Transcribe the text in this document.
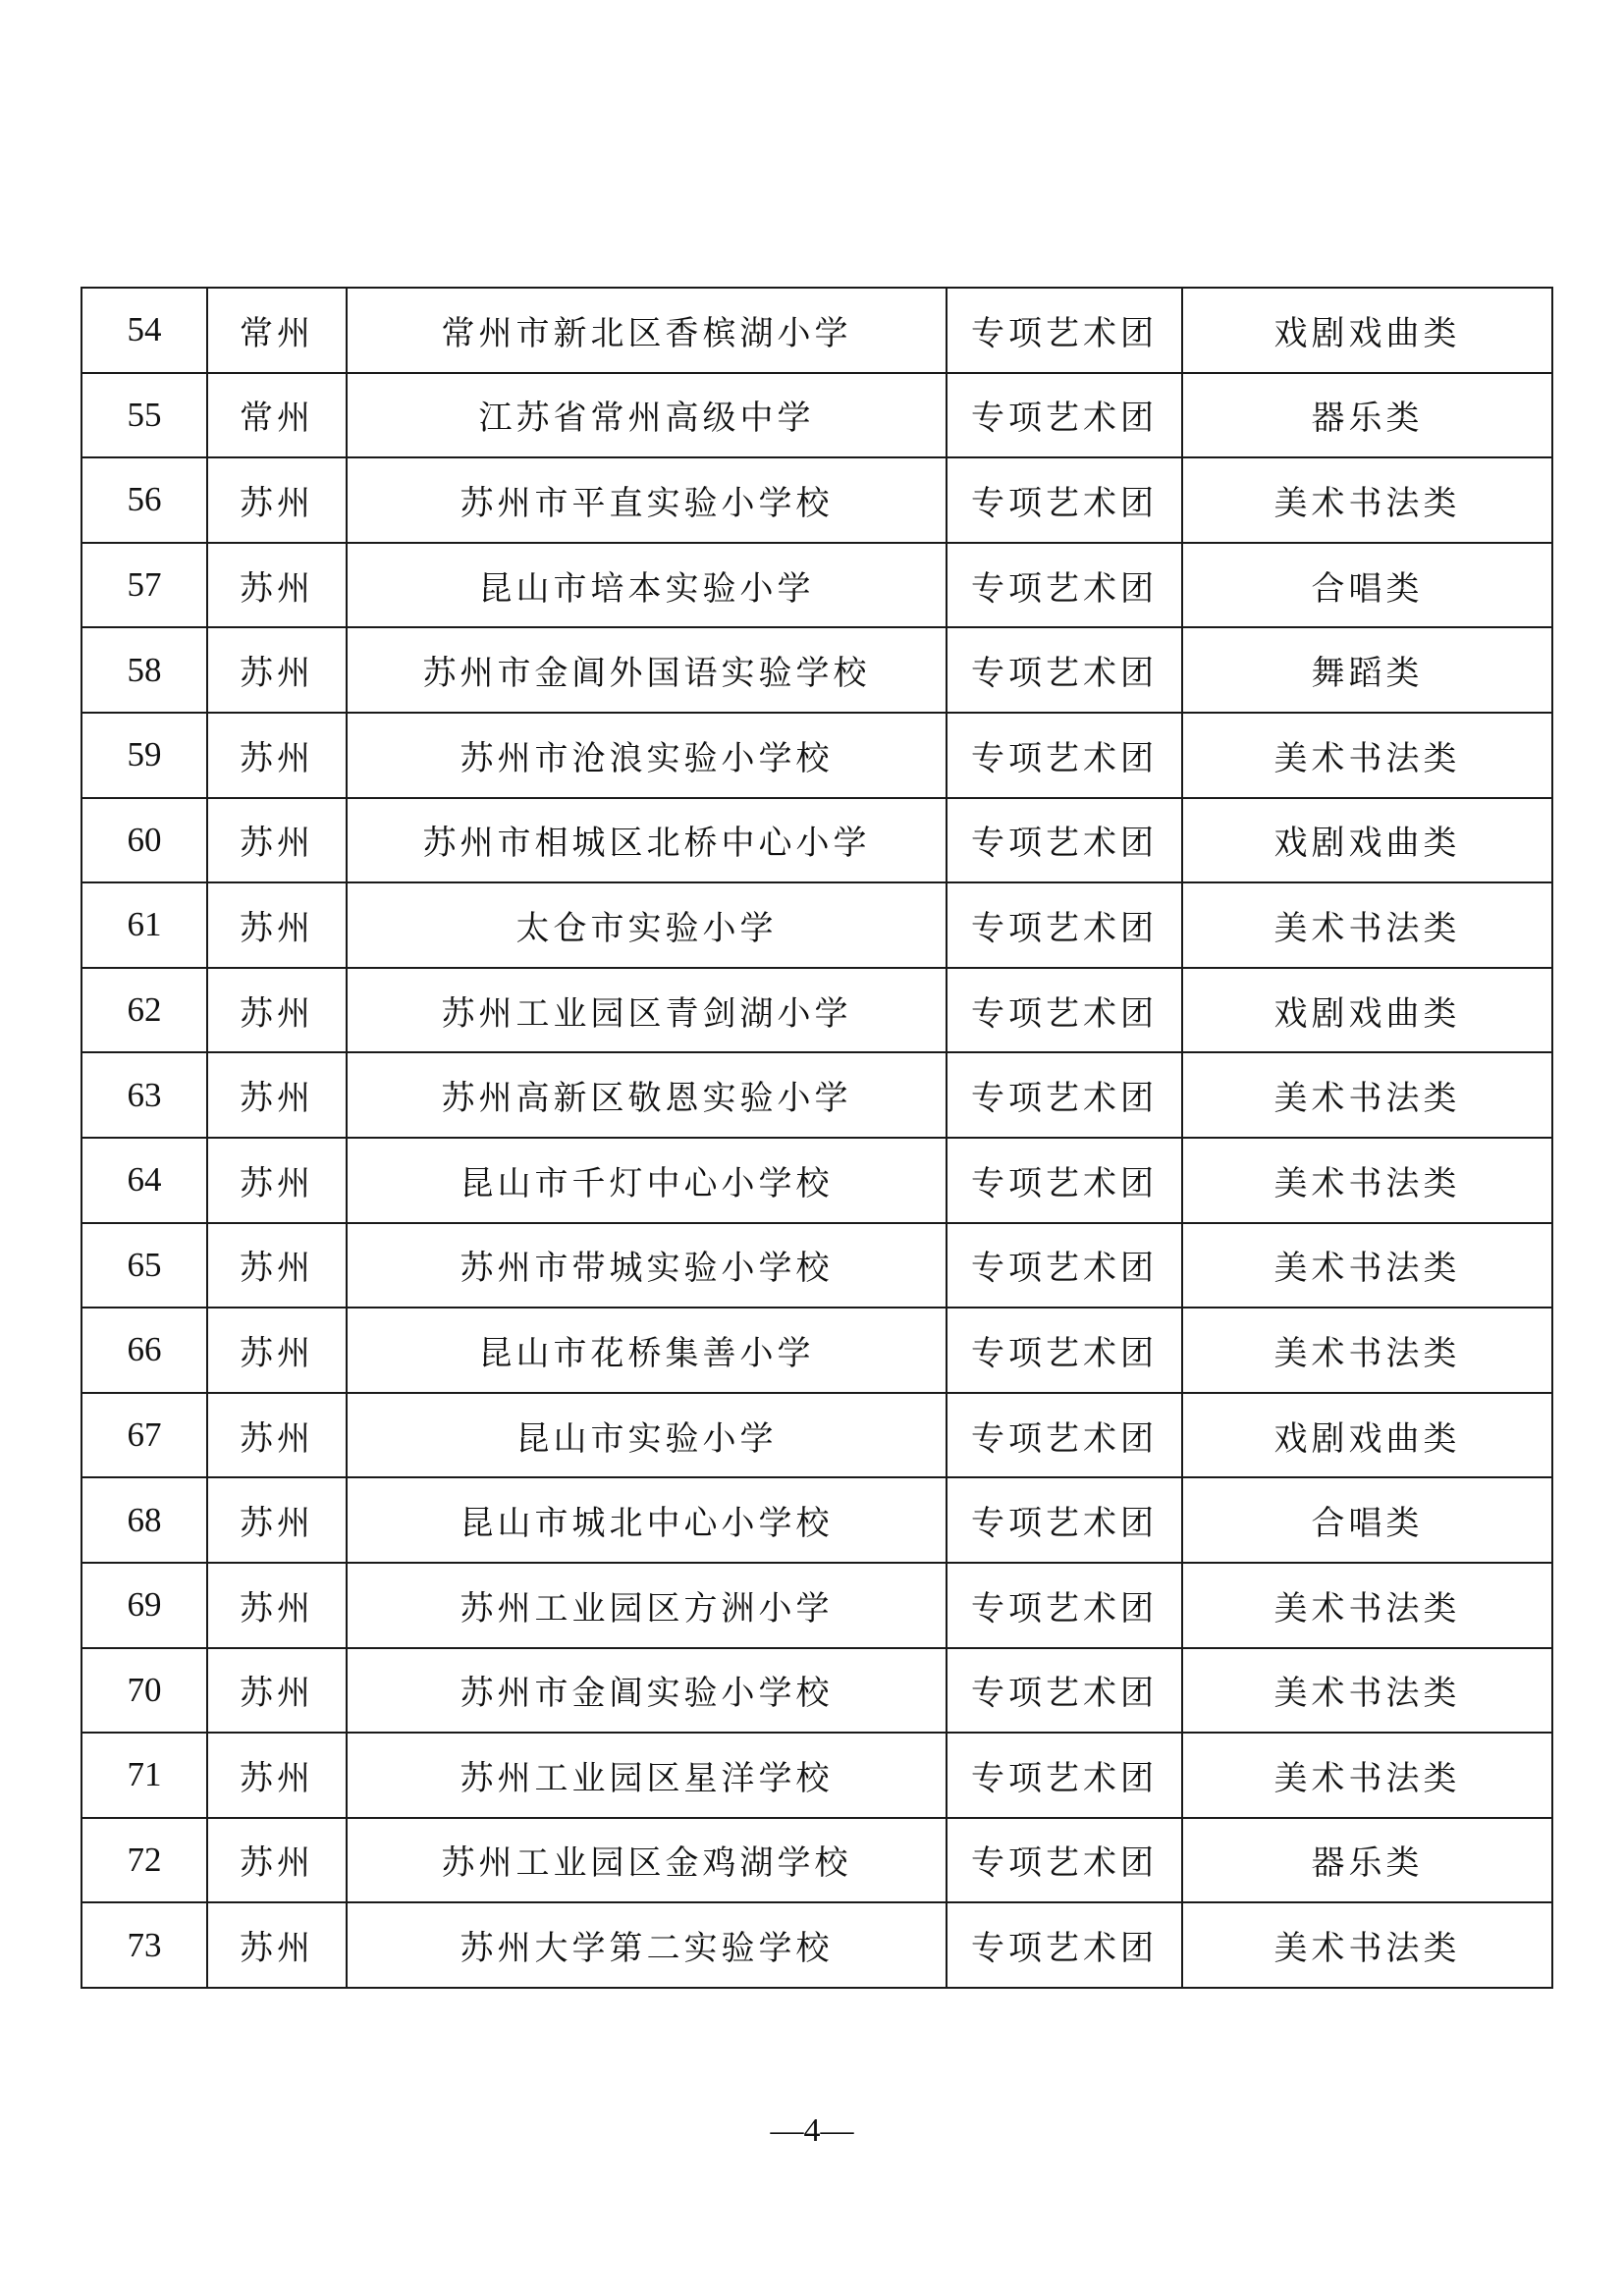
54	常州	常州市新北区香槟湖小学	专项艺术团	戏剧戏曲类
55	常州	江苏省常州高级中学	专项艺术团	器乐类
56	苏州	苏州市平直实验小学校	专项艺术团	美术书法类
57	苏州	昆山市培本实验小学	专项艺术团	合唱类
58	苏州	苏州市金阊外国语实验学校	专项艺术团	舞蹈类
59	苏州	苏州市沧浪实验小学校	专项艺术团	美术书法类
60	苏州	苏州市相城区北桥中心小学	专项艺术团	戏剧戏曲类
61	苏州	太仓市实验小学	专项艺术团	美术书法类
62	苏州	苏州工业园区青剑湖小学	专项艺术团	戏剧戏曲类
63	苏州	苏州高新区敬恩实验小学	专项艺术团	美术书法类
64	苏州	昆山市千灯中心小学校	专项艺术团	美术书法类
65	苏州	苏州市带城实验小学校	专项艺术团	美术书法类
66	苏州	昆山市花桥集善小学	专项艺术团	美术书法类
67	苏州	昆山市实验小学	专项艺术团	戏剧戏曲类
68	苏州	昆山市城北中心小学校	专项艺术团	合唱类
69	苏州	苏州工业园区方洲小学	专项艺术团	美术书法类
70	苏州	苏州市金阊实验小学校	专项艺术团	美术书法类
71	苏州	苏州工业园区星洋学校	专项艺术团	美术书法类
72	苏州	苏州工业园区金鸡湖学校	专项艺术团	器乐类
73	苏州	苏州大学第二实验学校	专项艺术团	美术书法类
—4—
